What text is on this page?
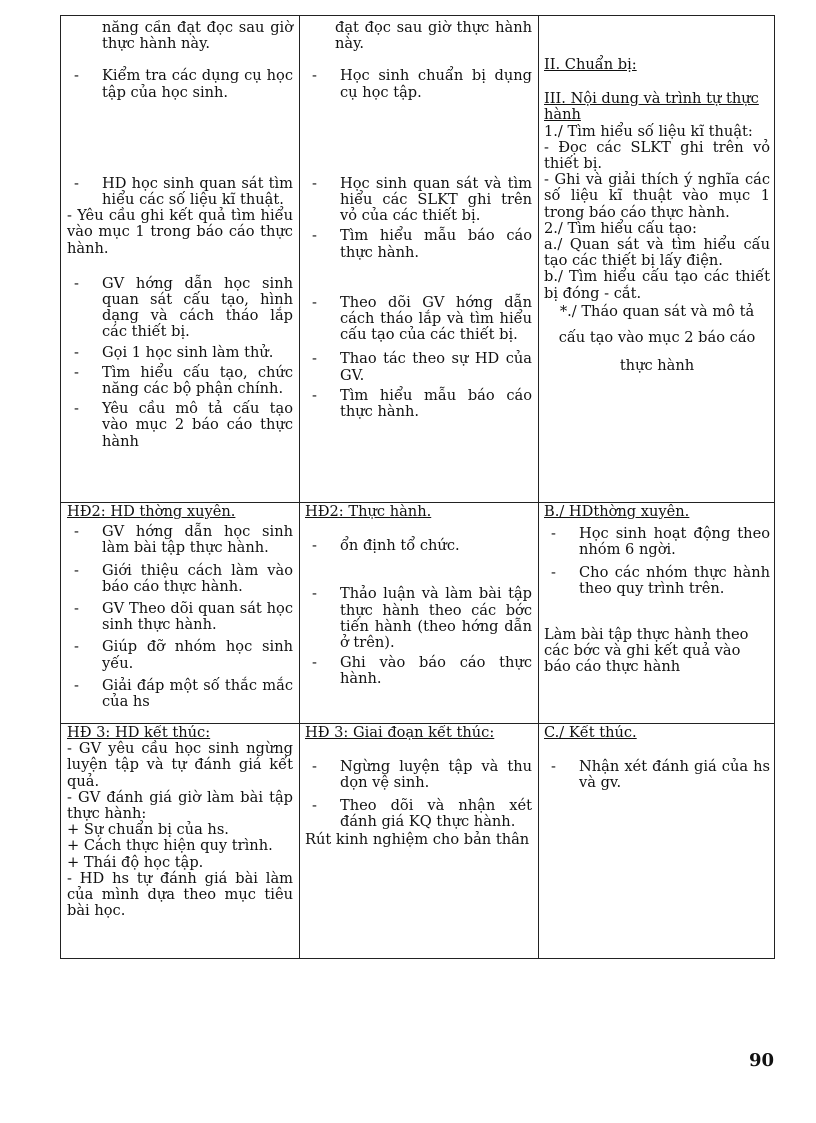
năng cần đạt đọc sau giờ thực hành này.

- Kiểm tra các dụng cụ học tập của học sinh.

- HD học sinh quan sát tìm hiểu các số liệu kĩ thuật.

- Yêu cầu ghi kết quả tìm hiểu vào mục 1 trong báo cáo thực hành.

- GV hớng dẫn học sinh quan sát cấu tạo, hình dạng và cách tháo lắp các thiết bị.

- Gọi 1 học sinh làm thử.

- Tìm hiểu cấu tạo, chức năng các bộ phận chính.

- Yêu cầu mô tả cấu tạo vào mục 2 báo cáo thực hành

đạt đọc sau giờ thực hành này.

- Học sinh chuẩn bị dụng cụ học tập.

- Học sinh quan sát và tìm hiểu các SLKT ghi trên vỏ của các thiết bị.

- Tìm hiểu mẫu báo cáo thực hành.

- Theo dõi GV hớng dẫn cách tháo lắp và tìm hiểu cấu tạo của các thiết bị.

- Thao tác theo sự HD của GV.

- Tìm hiểu mẫu báo cáo thực hành.

II. Chuẩn bị:

III. Nội dung và trình tự thực hành

1./ Tìm hiểu số liệu kĩ thuật:

- Đọc các SLKT ghi trên vỏ thiết bị.

- Ghi và giải thích ý nghĩa các số liệu kĩ thuật vào mục 1 trong báo cáo thực hành.

2./ Tìm hiểu cấu tạo:

a./ Quan sát và tìm hiểu cấu tạo các thiết bị lấy điện.

b./ Tìm hiểu cấu tạo các thiết bị đóng - cắt.

*./ Tháo quan sát và mô tả

cấu tạo vào mục 2 báo cáo

thực hành

HĐ2: HD thờng xuyên.

- GV hớng dẫn học sinh làm bài tập thực hành.

- Giới thiệu cách làm vào báo cáo thực hành.

- GV Theo dõi quan sát học sinh thực hành.

- Giúp đỡ nhóm học sinh yếu.

- Giải đáp một số thắc mắc của hs

HĐ2: Thực hành.

- ổn định tổ chức.

- Thảo luận và làm bài tập thực hành theo các bớc tiến hành (theo hớng dẫn ở trên).

- Ghi vào báo cáo thực hành.

B./ HDthờng xuyên.

- Học sinh hoạt động theo nhóm 6 ngời.

- Cho các nhóm thực hành theo quy trình trên.

Làm bài tập thực hành theo các bớc và ghi kết quả vào báo cáo thực hành

HĐ 3: HD kết thúc:

- GV yêu cầu học sinh ngừng luyện tập và tự đánh giá kết quả.

- GV đánh giá giờ làm bài tập thực hành:

+ Sự chuẩn bị của hs.

+ Cách thực hiện quy trình.

+ Thái độ học tập.

- HD hs tự đánh giá bài làm của mình dựa theo mục tiêu bài học.

HĐ 3: Giai đoạn kết thúc:

- Ngừng luyện tập và thu dọn vệ sinh.

- Theo dõi và nhận xét đánh giá KQ thực hành.

Rút kinh nghiệm cho bản thân

C./ Kết thúc.

- Nhận xét đánh giá của hs và gv.

90
